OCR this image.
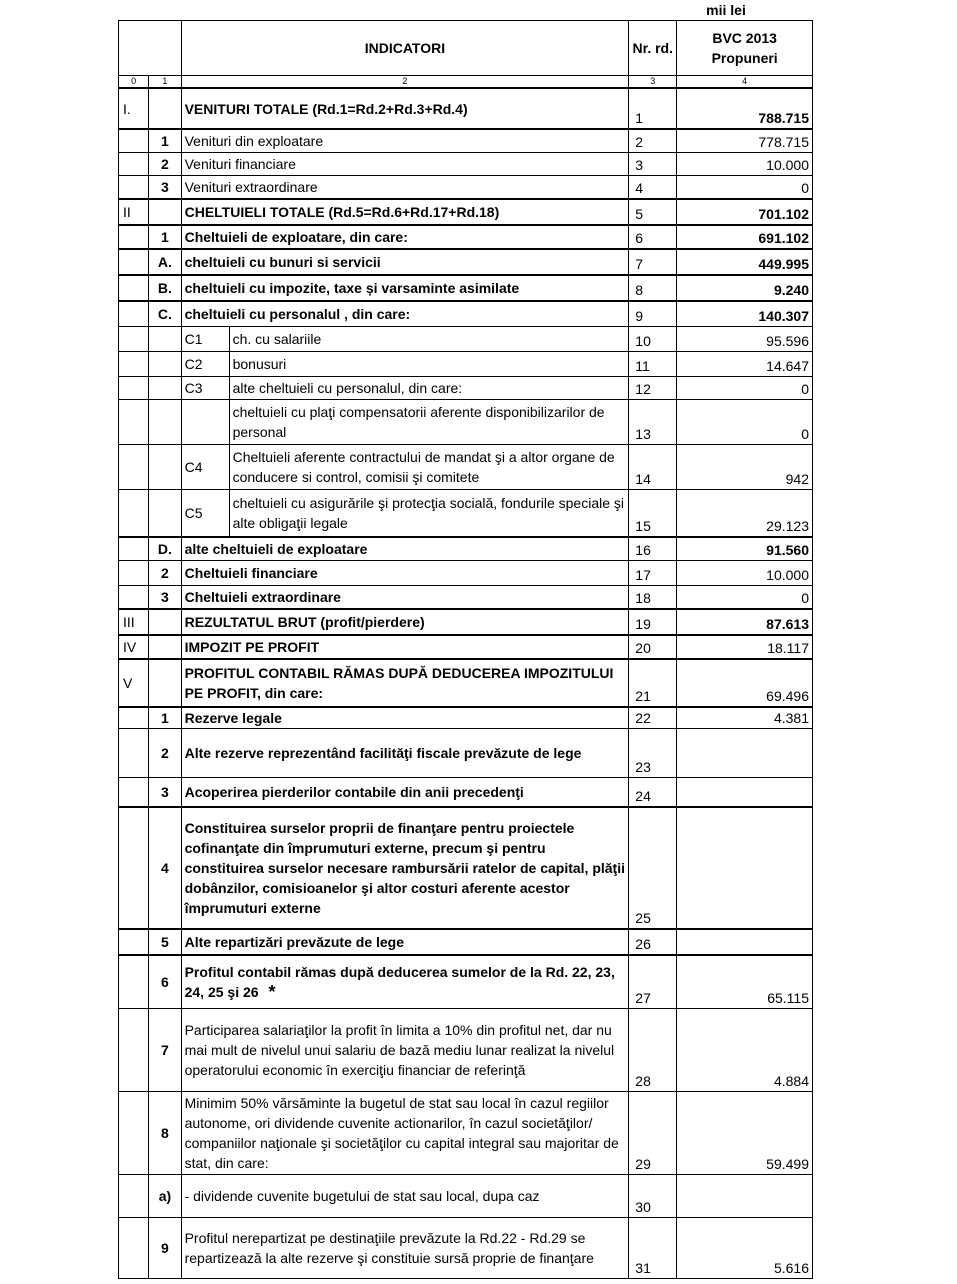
mii lei
		INDICATORI		Nr. rd.	BVC 2013 Propuneri
0	1	2		3	4
I.		VENITURI TOTALE (Rd.1=Rd.2+Rd.3+Rd.4)		1	788.715
	1	Venituri din exploatare		2	778.715
	2	Venituri financiare		3	10.000
	3	Venituri extraordinare		4	0
II		CHELTUIELI TOTALE (Rd.5=Rd.6+Rd.17+Rd.18)		5	701.102
	1	Cheltuieli de exploatare, din care:		6	691.102
	A.	cheltuieli cu bunuri si servicii		7	449.995
	B.	cheltuieli cu impozite, taxe și varsaminte asimilate		8	9.240
	C.	cheltuieli cu personalul , din care:		9	140.307
		C1	ch. cu salariile	10	95.596
		C2	bonusuri	11	14.647
		C3	alte cheltuieli cu personalul, din care:	12	0
			cheltuieli cu plaţi compensatorii aferente disponibilizarilor de personal	13	0
		C4	Cheltuieli aferente contractului de mandat şi a altor organe de conducere si control, comisii şi comitete	14	942
		C5	cheltuieli cu asigurările şi protecţia socială, fondurile speciale şi alte obligaţii legale	15	29.123
	D.	alte cheltuieli de exploatare		16	91.560
	2	Cheltuieli financiare		17	10.000
	3	Cheltuieli extraordinare		18	0
III		REZULTATUL BRUT (profit/pierdere)		19	87.613
IV		IMPOZIT PE PROFIT		20	18.117
V		PROFITUL CONTABIL RĂMAS DUPĂ DEDUCEREA IMPOZITULUI PE PROFIT, din care:		21	69.496
	1	Rezerve legale		22	4.381
	2	Alte rezerve reprezentând facilităţi fiscale prevăzute de lege		23	
	3	Acoperirea pierderilor contabile din anii precedenţi		24	
	4	Constituirea surselor proprii de finanţare pentru proiectele cofinanţate din împrumuturi externe, precum şi pentru constituirea surselor necesare rambursării ratelor de capital, plăţii dobânzilor, comisioanelor şi altor costuri aferente acestor împrumuturi externe		25	
	5	Alte repartizări prevăzute de lege		26	
	6	Profitul contabil rămas după deducerea sumelor de la Rd. 22, 23, 24, 25 şi 26 *		27	65.115
	7	Participarea salariaţilor la profit în limita a 10% din profitul net, dar nu mai mult de nivelul unui salariu de bază mediu lunar realizat la nivelul operatorului economic în exerciţiu financiar de referinţă		28	4.884
	8	Minimim 50% vărsăminte la bugetul de stat sau local în cazul regiilor autonome, ori dividende cuvenite actionarilor, în cazul societăţilor/ companiilor naţionale şi societăţilor cu capital integral sau majoritar de stat, din care:		29	59.499
	a)	- dividende cuvenite bugetului de stat sau local, dupa caz		30	
	9	Profitul nerepartizat pe destinaţiile prevăzute la Rd.22 - Rd.29 se repartizează la alte rezerve şi constituie sursă proprie de finanţare		31	5.616
